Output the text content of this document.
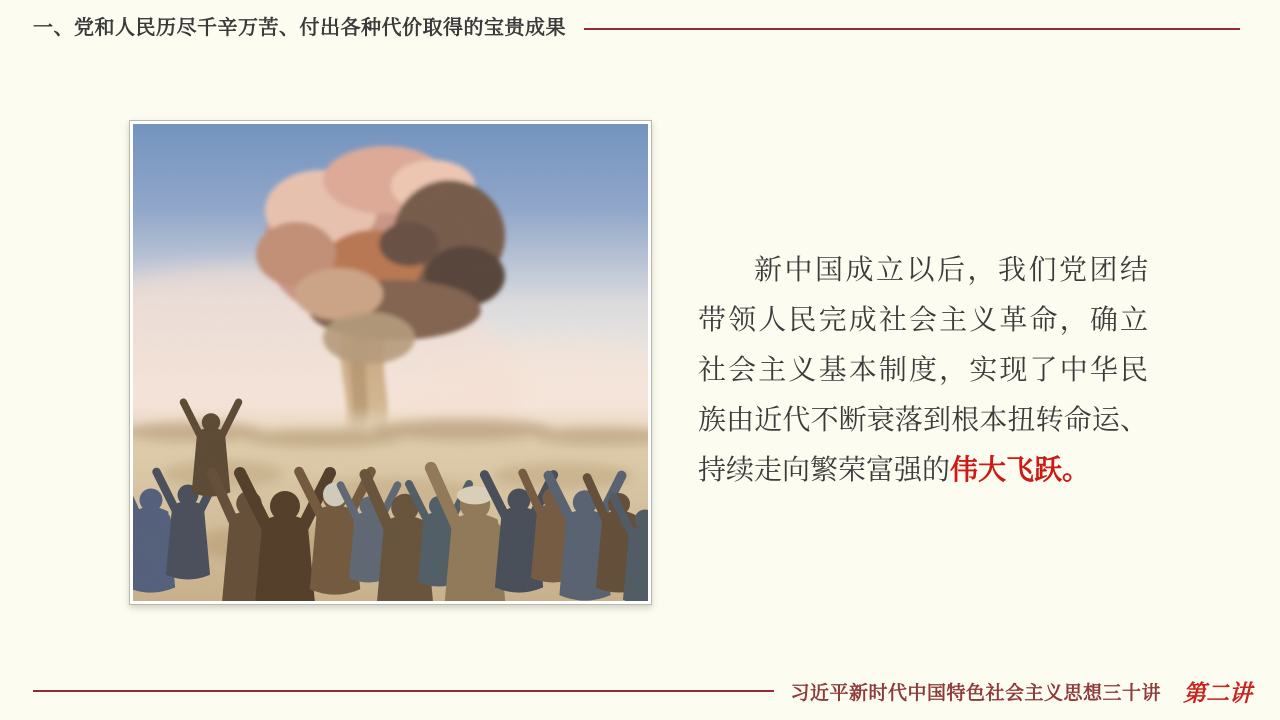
一、党和人民历尽千辛万苦、付出各种代价取得的宝贵成果
新中国成立以后，我们党团结
带领人民完成社会主义革命，确立
社会主义基本制度，实现了中华民
族由近代不断衰落到根本扭转命运、
持续走向繁荣富强的伟大飞跃。
习近平新时代中国特色社会主义思想三十讲 第二讲
